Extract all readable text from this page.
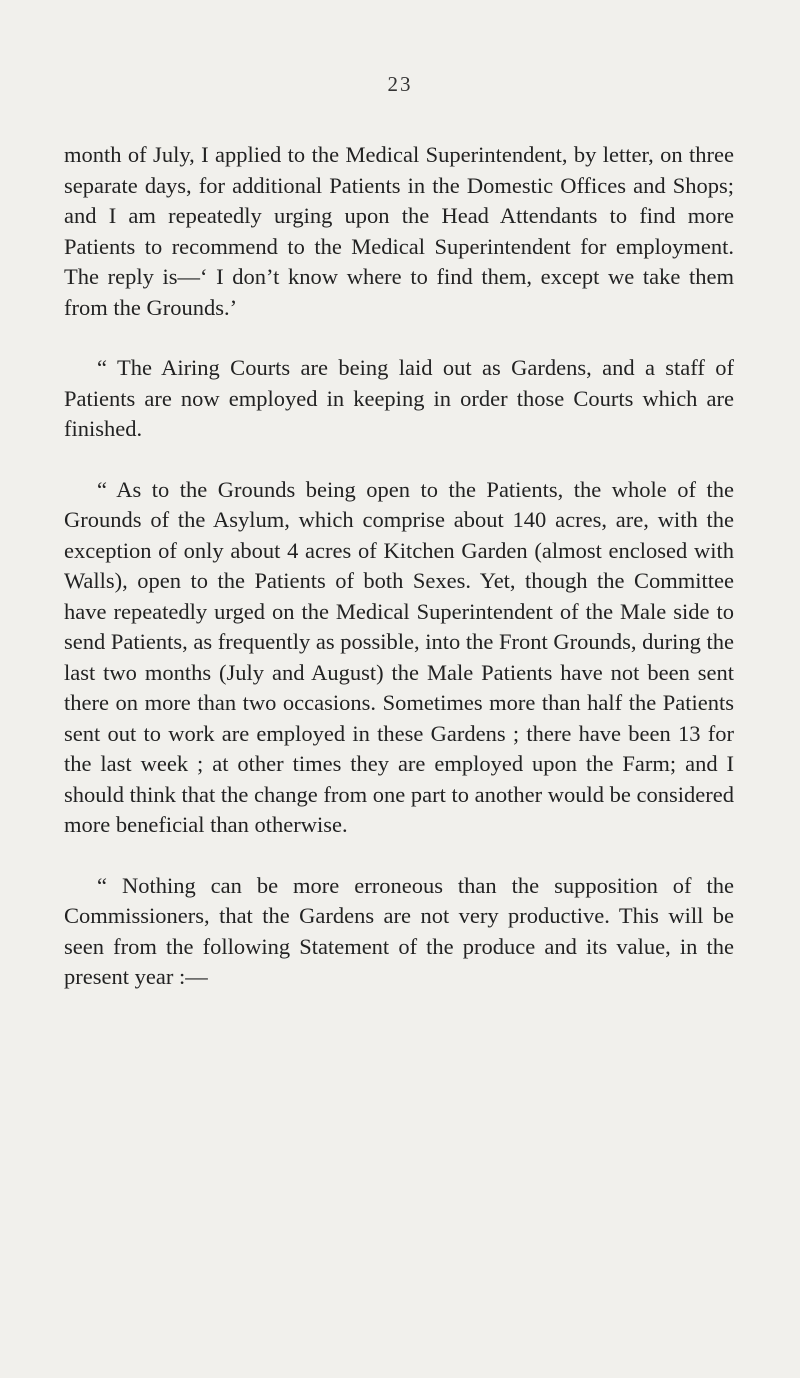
23

month of July, I applied to the Medical Superintendent, by letter, on three separate days, for additional Patients in the Domestic Offices and Shops; and I am repeatedly urging upon the Head Attendants to find more Patients to recommend to the Medical Superintendent for employment. The reply is—‘ I don’t know where to find them, except we take them from the Grounds.’

“ The Airing Courts are being laid out as Gardens, and a staff of Patients are now employed in keeping in order those Courts which are finished.

“ As to the Grounds being open to the Patients, the whole of the Grounds of the Asylum, which comprise about 140 acres, are, with the exception of only about 4 acres of Kitchen Garden (almost enclosed with Walls), open to the Patients of both Sexes. Yet, though the Committee have repeatedly urged on the Medical Superintendent of the Male side to send Patients, as frequently as possible, into the Front Grounds, during the last two months (July and August) the Male Patients have not been sent there on more than two occasions. Sometimes more than half the Patients sent out to work are employed in these Gardens ; there have been 13 for the last week ; at other times they are employed upon the Farm; and I should think that the change from one part to another would be considered more beneficial than otherwise.

“ Nothing can be more erroneous than the supposition of the Commissioners, that the Gardens are not very productive. This will be seen from the following Statement of the produce and its value, in the present year :—
